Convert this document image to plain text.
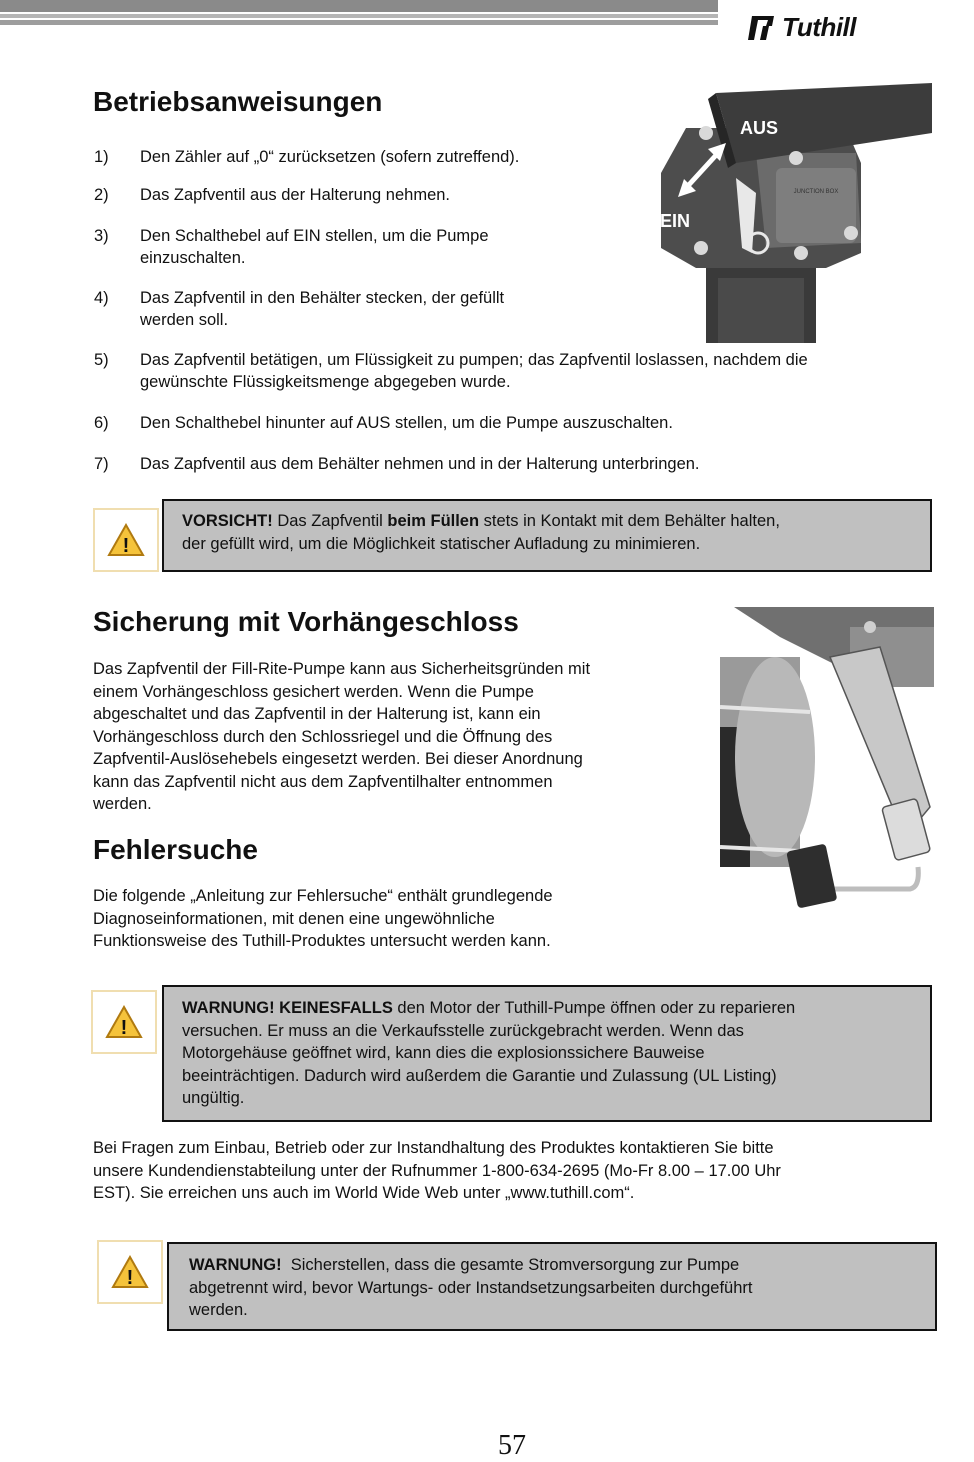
Tuthill
Betriebsanweisungen
1) Den Zähler auf „0“ zurücksetzen (sofern zutreffend).
2) Das Zapfventil aus der Halterung nehmen.
3) Den Schalthebel auf EIN stellen, um die Pumpe
einzuschalten.
4) Das Zapfventil in den Behälter stecken, der gefüllt
werden soll.
5) Das Zapfventil betätigen, um Flüssigkeit zu pumpen; das Zapfventil loslassen, nachdem die
gewünschte Flüssigkeitsmenge abgegeben wurde.
6) Den Schalthebel hinunter auf AUS stellen, um die Pumpe auszuschalten.
7) Das Zapfventil aus dem Behälter nehmen und in der Halterung unterbringen.
JUNCTION BOX
AUS
EIN
!
VORSICHT! Das Zapfventil beim Füllen stets in Kontakt mit dem Behälter halten,
der gefüllt wird, um die Möglichkeit statischer Aufladung zu minimieren.
Sicherung mit Vorhängeschloss
Das Zapfventil der Fill-Rite-Pumpe kann aus Sicherheitsgründen mit
einem Vorhängeschloss gesichert werden. Wenn die Pumpe
abgeschaltet und das Zapfventil in der Halterung ist, kann ein
Vorhängeschloss durch den Schlossriegel und die Öffnung des
Zapfventil-Auslösehebels eingesetzt werden. Bei dieser Anordnung
kann das Zapfventil nicht aus dem Zapfventilhalter entnommen
werden.
Fehlersuche
Die folgende „Anleitung zur Fehlersuche“ enthält grundlegende
Diagnoseinformationen, mit denen eine ungewöhnliche
Funktionsweise des Tuthill-Produktes untersucht werden kann.
!
WARNUNG! KEINESFALLS den Motor der Tuthill-Pumpe öffnen oder zu reparieren
versuchen. Er muss an die Verkaufsstelle zurückgebracht werden. Wenn das
Motorgehäuse geöffnet wird, kann dies die explosionssichere Bauweise
beeinträchtigen. Dadurch wird außerdem die Garantie und Zulassung (UL Listing)
ungültig.
Bei Fragen zum Einbau, Betrieb oder zur Instandhaltung des Produktes kontaktieren Sie bitte
unsere Kundendienstabteilung unter der Rufnummer 1-800-634-2695 (Mo-Fr 8.00 – 17.00 Uhr
EST). Sie erreichen uns auch im World Wide Web unter „www.tuthill.com“.
!
WARNUNG!  Sicherstellen, dass die gesamte Stromversorgung zur Pumpe
abgetrennt wird, bevor Wartungs- oder Instandsetzungsarbeiten durchgeführt
werden.
57
